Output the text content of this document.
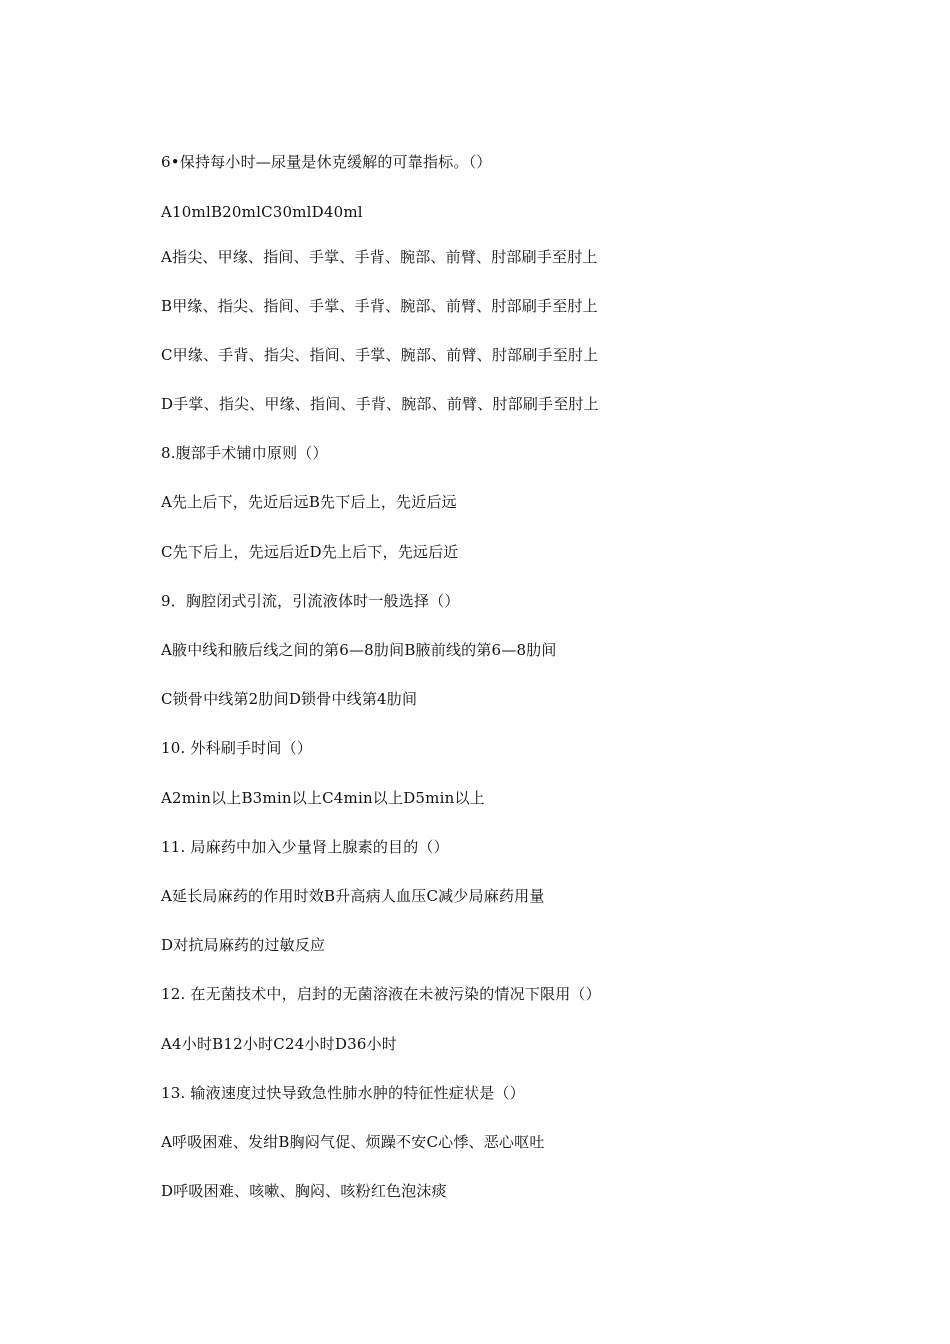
6•保持每小时—尿量是休克缓解的可靠指标。（）
A10mlB20mlC30mlD40ml
A指尖、甲缘、指间、手掌、手背、腕部、前臂、肘部刷手至肘上
B甲缘、指尖、指间、手掌、手背、腕部、前臂、肘部刷手至肘上
C甲缘、手背、指尖、指间、手掌、腕部、前臂、肘部刷手至肘上
D手掌、指尖、甲缘、指间、手背、腕部、前臂、肘部刷手至肘上
8.腹部手术铺巾原则（）
A先上后下，先近后远B先下后上，先近后远
C先下后上，先远后近D先上后下，先远后近
9．胸腔闭式引流，引流液体时一般选择（）
A腋中线和腋后线之间的第6—8肋间B腋前线的第6—8肋间
C锁骨中线第2肋间D锁骨中线第4肋间
10. 外科刷手时间（）
A2min以上B3min以上C4min以上D5min以上
11. 局麻药中加入少量肾上腺素的目的（）
A延长局麻药的作用时效B升高病人血压C减少局麻药用量
D对抗局麻药的过敏反应
12. 在无菌技术中，启封的无菌溶液在未被污染的情况下限用（）
A4小时B12小时C24小时D36小时
13. 输液速度过快导致急性肺水肿的特征性症状是（）
A呼吸困难、发绀B胸闷气促、烦躁不安C心悸、恶心呕吐
D呼吸困难、咳嗽、胸闷、咳粉红色泡沫痰
